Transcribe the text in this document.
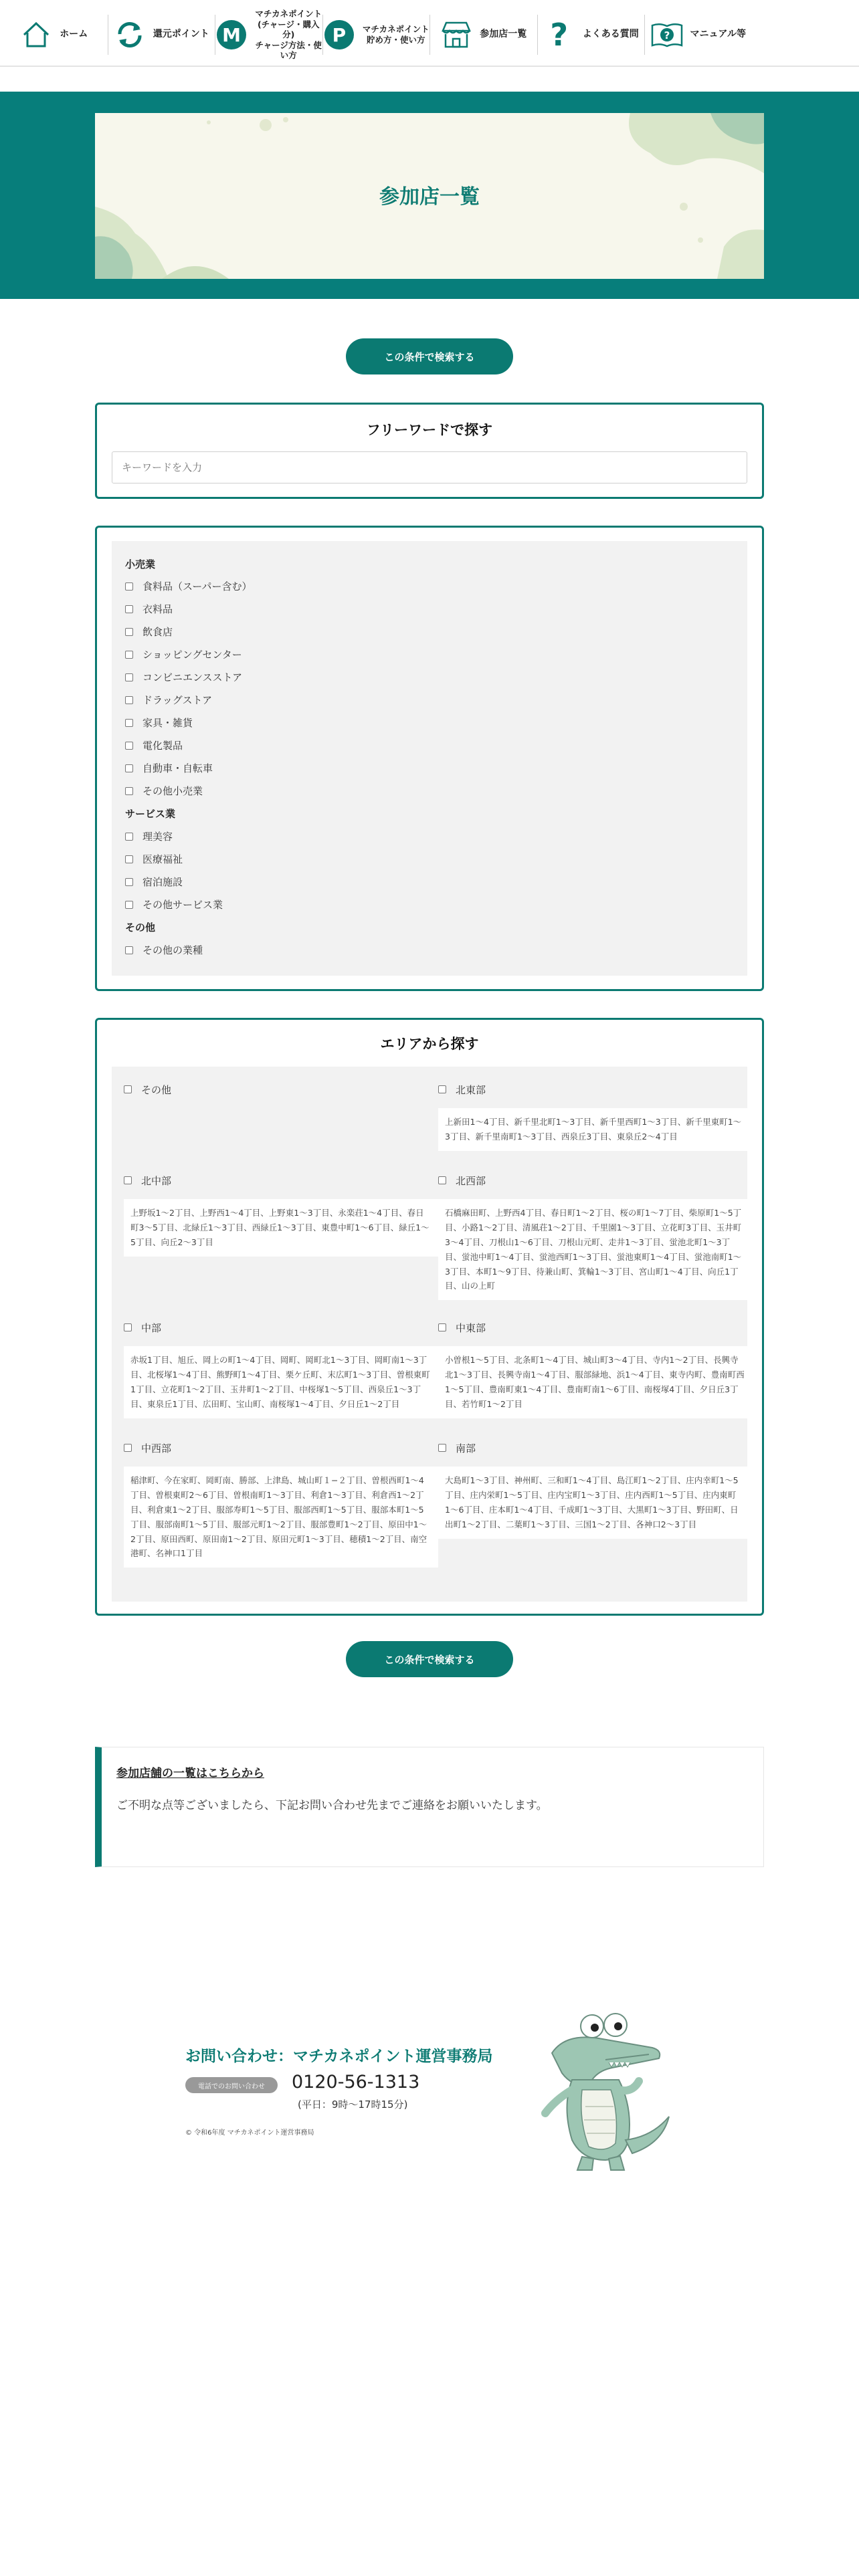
ホーム	還元ポイント M
マチカネポイント
(チャージ・購入分)
チャージ方法・使い方
P	マチカネポイント
貯め方・使い方
参加店一覧 ?	よくある質問 ? マニュアル等
参加店一覧
この条件で検索する
フリーワードで探す
キーワードを入力
小売業
食料品（スーパー含む）
衣料品
飲食店
ショッピングセンター
コンビニエンスストア
ドラッグストア
家具・雑貨
電化製品
自動車・自転車
その他小売業
サービス業
理美容
医療福祉
宿泊施設
その他サービス業
その他
その他の業種
エリアから探す
その他	北東部
上新田1〜4丁目、新千里北町1〜3丁目、新千里西町1〜3丁目、新千里東町1〜3丁目、新千里南町1〜3丁目、西泉丘3丁目、東泉丘2〜4丁目
北中部
上野坂1〜2丁目、上野西1〜4丁目、上野東1〜3丁目、永楽荘1〜4丁目、春日町3〜5丁目、北緑丘1〜3丁目、西緑丘1〜3丁目、東豊中町1〜6丁目、緑丘1〜5丁目、向丘2〜3丁目
北西部
石橋麻田町、上野西4丁目、春日町1〜2丁目、桜の町1〜7丁目、柴原町1〜5丁目、小路1〜2丁目、清風荘1〜2丁目、千里園1〜3丁目、立花町3丁目、玉井町3〜4丁目、刀根山1〜6丁目、刀根山元町、走井1〜3丁目、蛍池北町1〜3丁目、蛍池中町1〜4丁目、蛍池西町1〜3丁目、蛍池東町1〜4丁目、蛍池南町1〜3丁目、本町1〜9丁目、待兼山町、箕輪1〜3丁目、宮山町1〜4丁目、向丘1丁目、山の上町
中部
赤坂1丁目、旭丘、岡上の町1〜4丁目、岡町、岡町北1〜3丁目、岡町南1〜3丁目、北桜塚1〜4丁目、熊野町1〜4丁目、栗ケ丘町、末広町1〜3丁目、曽根東町1丁目、立花町1〜2丁目、玉井町1〜2丁目、中桜塚1〜5丁目、西泉丘1〜3丁目、東泉丘1丁目、広田町、宝山町、南桜塚1〜4丁目、夕日丘1〜2丁目
中東部
小曽根1〜5丁目、北条町1〜4丁目、城山町3〜4丁目、寺内1〜2丁目、長興寺北1〜3丁目、長興寺南1〜4丁目、服部緑地、浜1〜4丁目、東寺内町、豊南町西1〜5丁目、豊南町東1〜4丁目、豊南町南1〜6丁目、南桜塚4丁目、夕日丘3丁目、若竹町1〜2丁目
中西部
稲津町、今在家町、岡町南、勝部、上津島、城山町１−２丁目、曽根西町1〜4丁目、曽根東町2〜6丁目、曽根南町1〜3丁目、利倉1〜3丁目、利倉西1〜2丁目、利倉東1〜2丁目、服部寿町1〜5丁目、服部西町1〜5丁目、服部本町1〜5丁目、服部南町1〜5丁目、服部元町1〜2丁目、服部豊町1〜2丁目、原田中1〜2丁目、原田西町、原田南1〜2丁目、原田元町1〜3丁目、穂積1〜2丁目、南空港町、名神口1丁目
南部
大島町1〜3丁目、神州町、三和町1〜4丁目、島江町1〜2丁目、庄内幸町1〜5丁目、庄内栄町1〜5丁目、庄内宝町1〜3丁目、庄内西町1〜5丁目、庄内東町1〜6丁目、庄本町1〜4丁目、千成町1〜3丁目、大黒町1〜3丁目、野田町、日出町1〜2丁目、二葉町1〜3丁目、三国1〜2丁目、各神口2〜3丁目
この条件で検索する
参加店舗の一覧はこちらから
ご不明な点等ございましたら、下記お問い合わせ先までご連絡をお願いいたします。
お問い合わせ：マチカネポイント運営事務局
電話でのお問い合わせ	0120-56-1313
(平日：9時〜17時15分)
© 令和6年度 マチカネポイント運営事務局
